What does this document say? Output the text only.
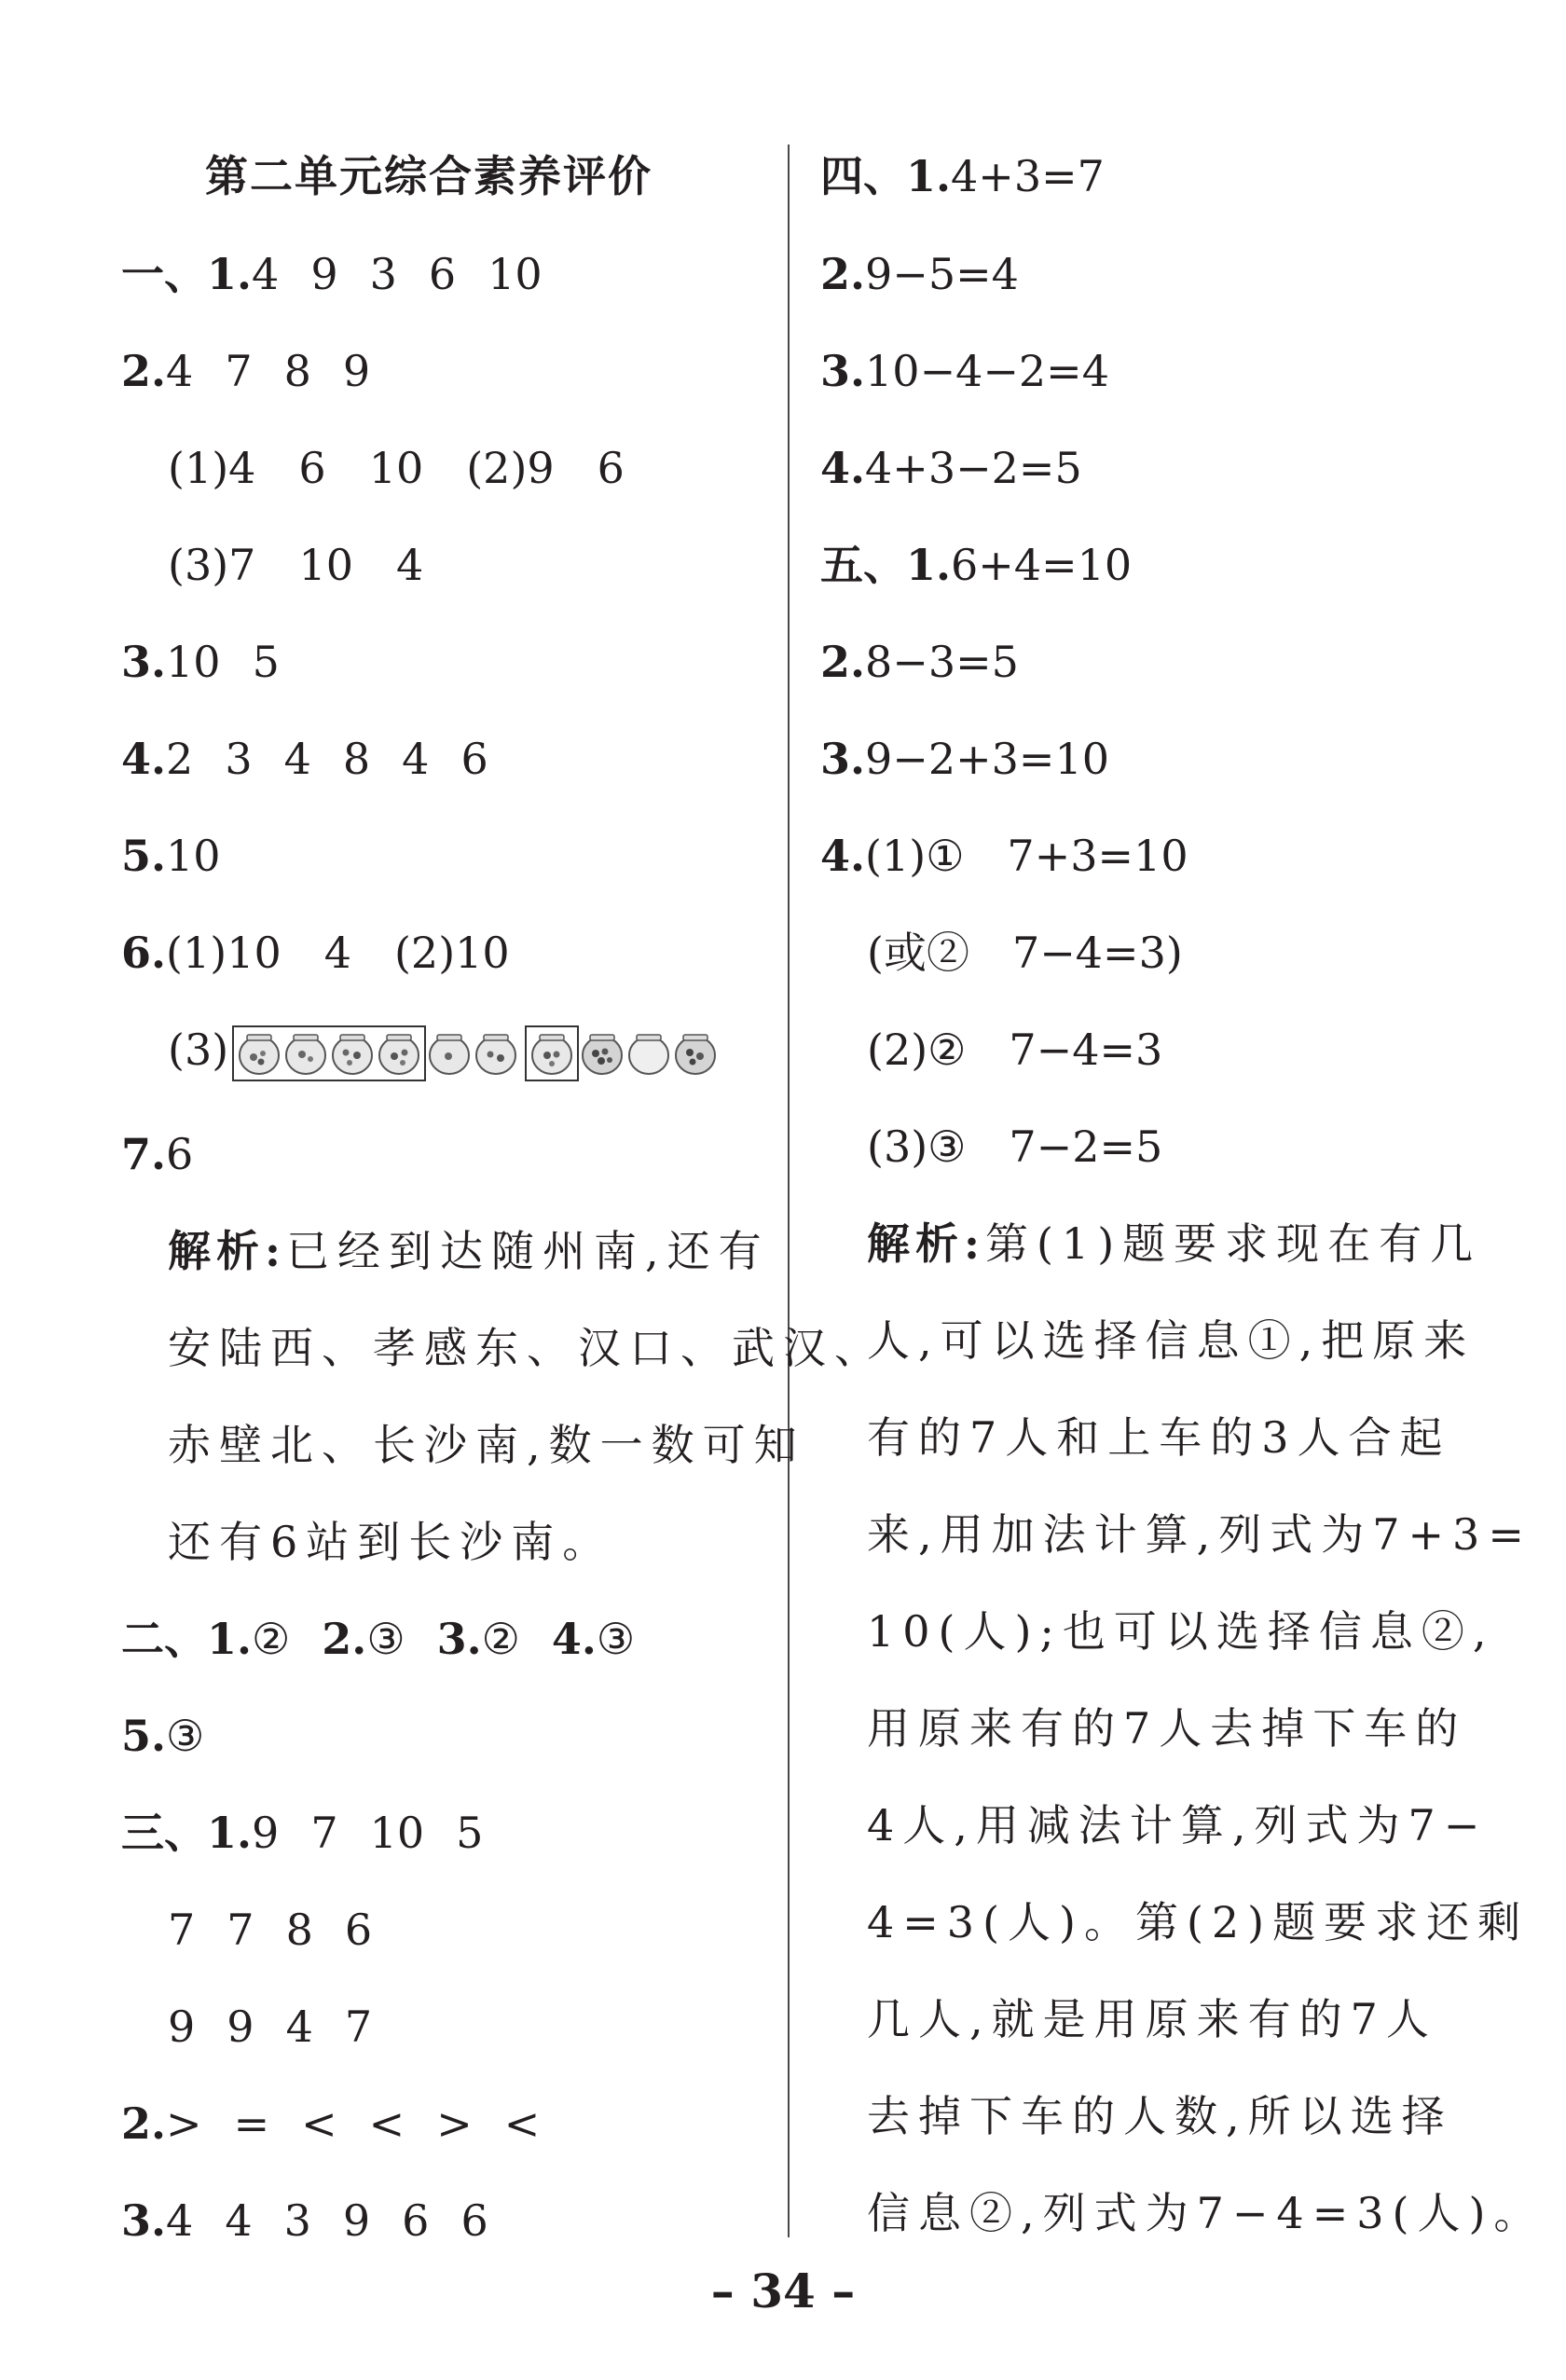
第二单元综合素养评价
一、1.4 9 3 6 10
2.4 7 8 9
(1)4　6　10　(2)9　6
(3)7　10　4
3.10 5
4.2 3 4 8 4 6
5.10
6.(1)10　4　(2)10
(3)
7.6
解析:已经到达随州南,还有
安陆西、孝感东、汉口、武汉、
赤壁北、长沙南,数一数可知
还有6站到长沙南。
二、1.② 2.③ 3.② 4.③
5.③
三、1.9 7 10 5
7 7 8 6
9 9 4 7
2.> = < < > <
3.4 4 3 9 6 6
四、1.4+3=7
2.9−5=4
3.10−4−2=4
4.4+3−2=5
五、1.6+4=10
2.8−3=5
3.9−2+3=10
4.(1)①　7+3=10
(或②　7−4=3)
(2)②　7−4=3
(3)③　7−2=5
解析:第(1)题要求现在有几
人,可以选择信息①,把原来
有的7人和上车的3人合起
来,用加法计算,列式为7+3=
10(人);也可以选择信息②,
用原来有的7人去掉下车的
4人,用减法计算,列式为7−
4=3(人)。第(2)题要求还剩
几人,就是用原来有的7人
去掉下车的人数,所以选择
信息②,列式为7−4=3(人)。
– 34 –
